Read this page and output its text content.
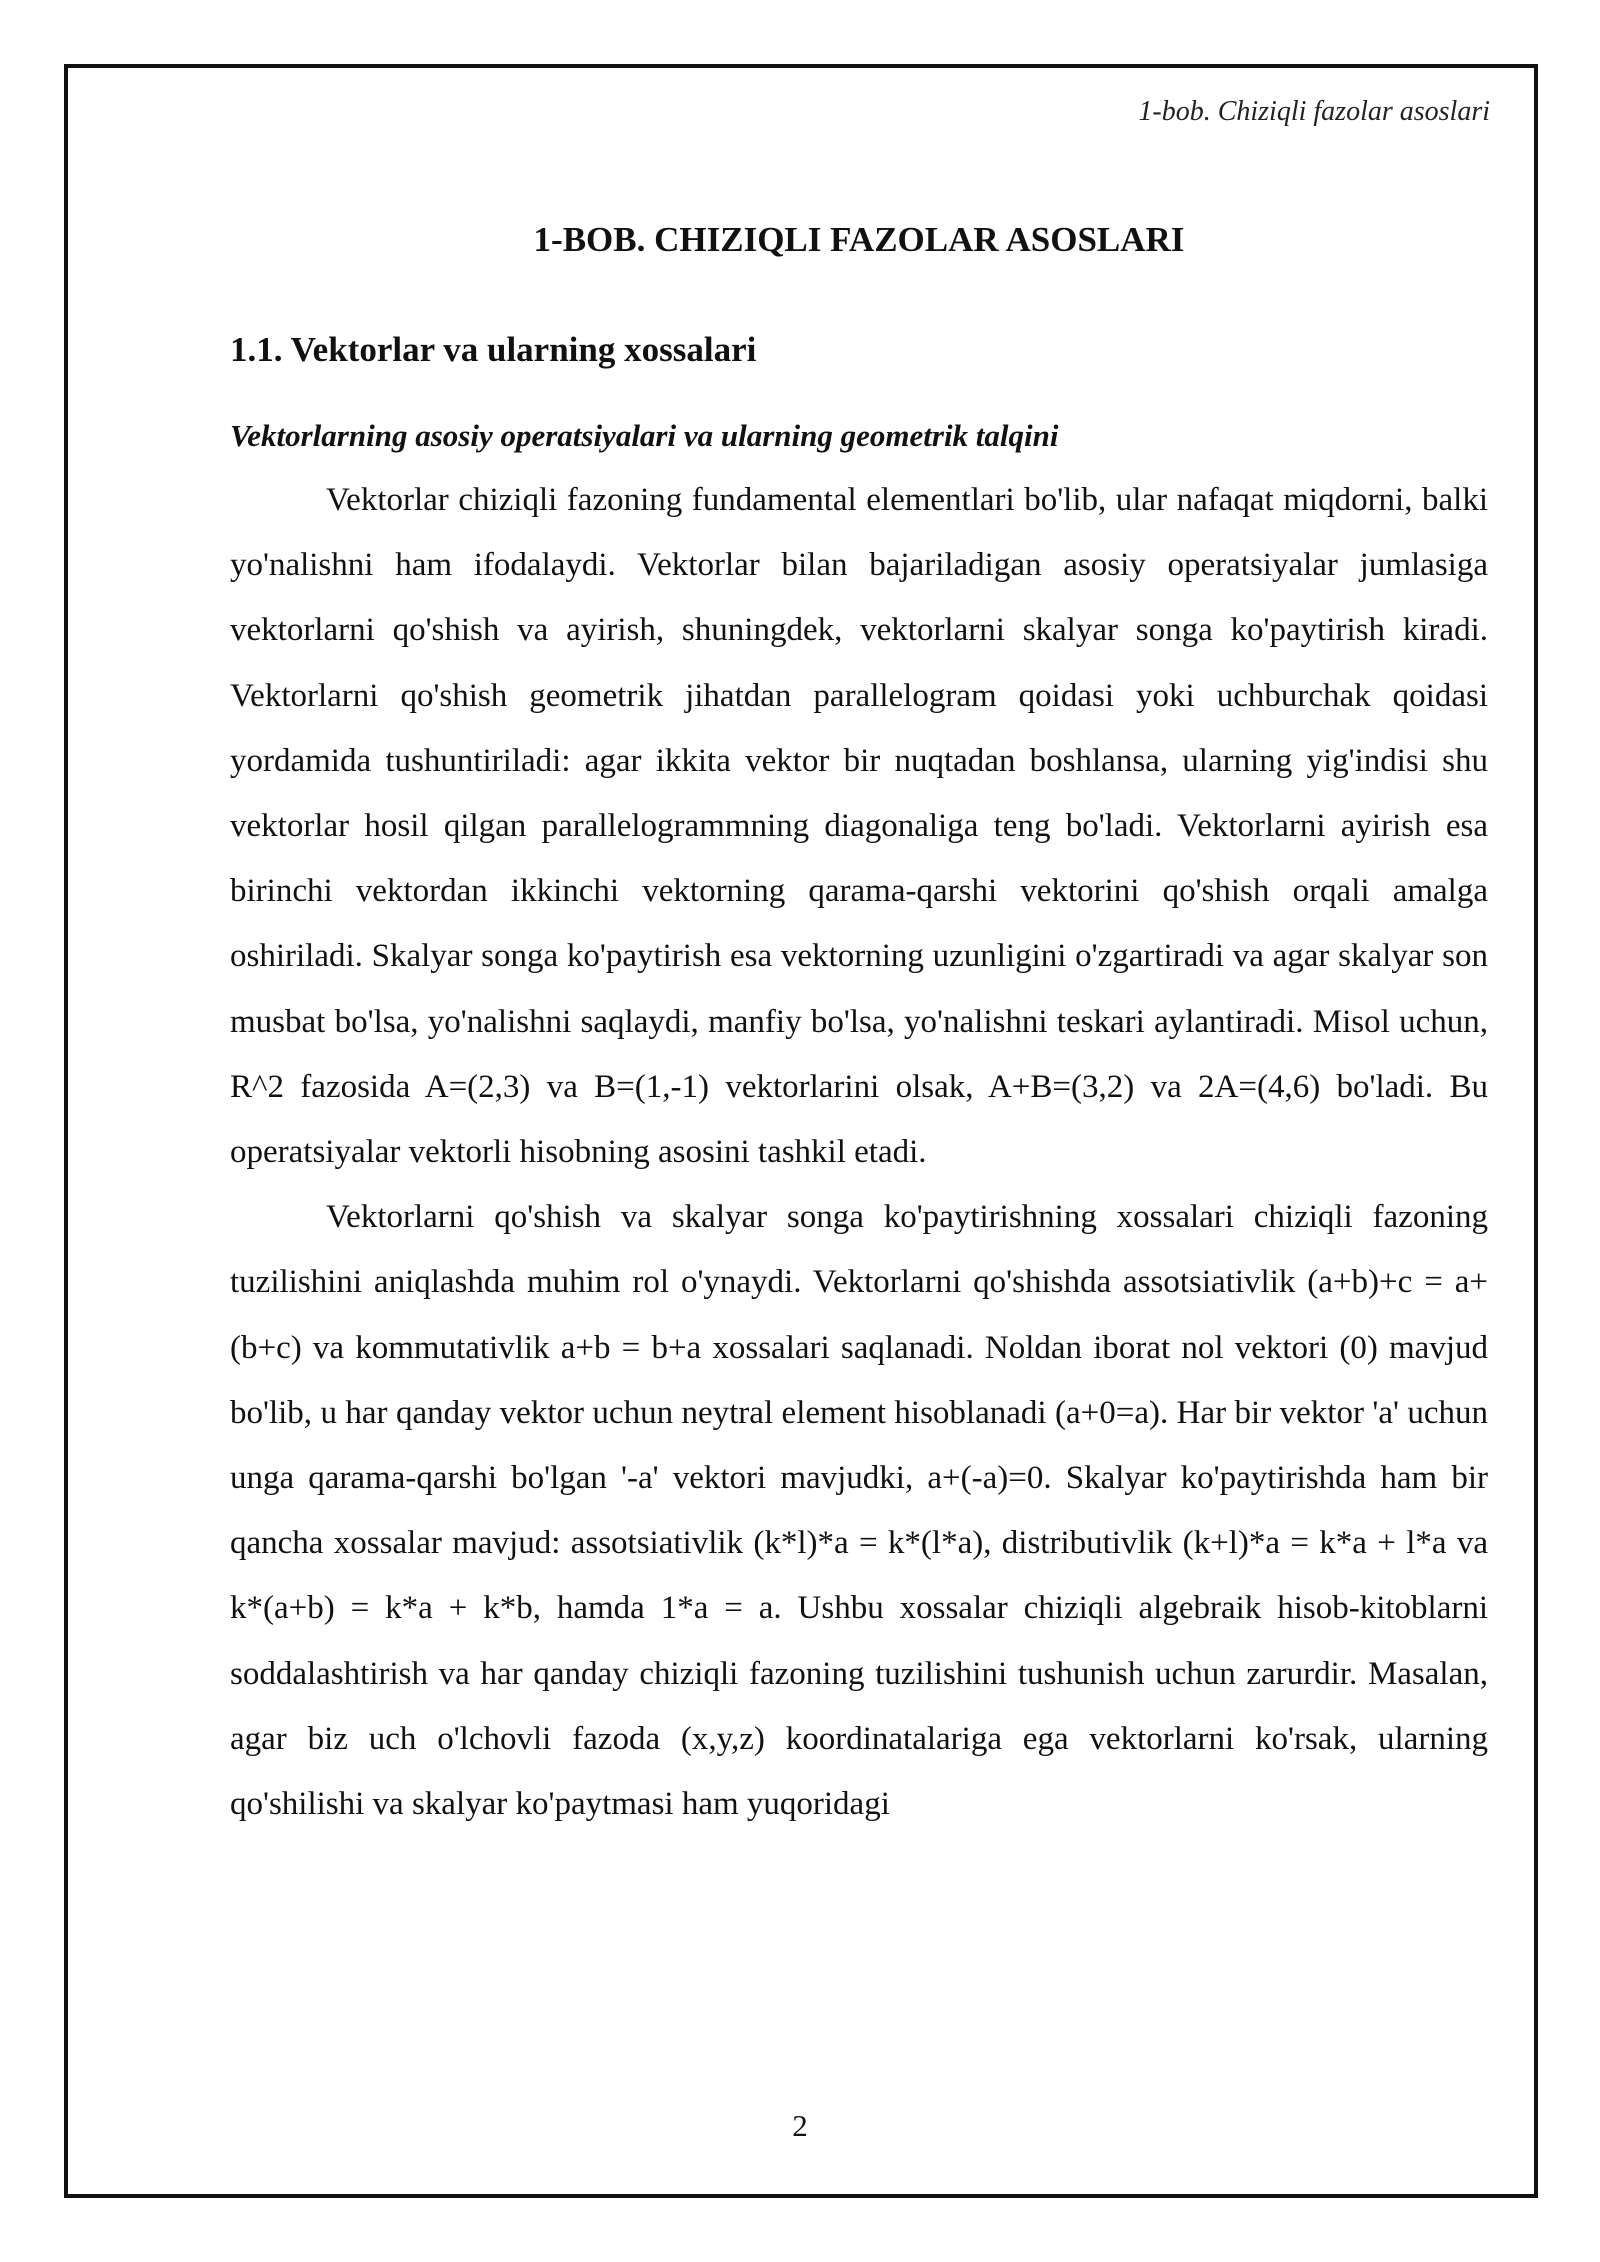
1-bob. Chiziqli fazolar asoslari
1-BOB. CHIZIQLI FAZOLAR ASOSLARI
1.1. Vektorlar va ularning xossalari
Vektorlarning asosiy operatsiyalari va ularning geometrik talqini

Vektorlar chiziqli fazoning fundamental elementlari bo'lib, ular nafaqat miqdorni, balki yo'nalishni ham ifodalaydi. Vektorlar bilan bajariladigan asosiy operatsiyalar jumlasiga vektorlarni qo'shish va ayirish, shuningdek, vektorlarni skalyar songa ko'paytirish kiradi. Vektorlarni qo'shish geometrik jihatdan parallelogram qoidasi yoki uchburchak qoidasi yordamida tushuntiriladi: agar ikkita vektor bir nuqtadan boshlansa, ularning yig'indisi shu vektorlar hosil qilgan parallelogrammning diagonaliga teng bo'ladi. Vektorlarni ayirish esa birinchi vektordan ikkinchi vektorning qarama-qarshi vektorini qo'shish orqali amalga oshiriladi. Skalyar songa ko'paytirish esa vektorning uzunligini o'zgartiradi va agar skalyar son musbat bo'lsa, yo'nalishni saqlaydi, manfiy bo'lsa, yo'nalishni teskari aylantiradi. Misol uchun, R^2 fazosida A=(2,3) va B=(1,-1) vektorlarini olsak, A+B=(3,2) va 2A=(4,6) bo'ladi. Bu operatsiyalar vektorli hisobning asosini tashkil etadi.

Vektorlarni qo'shish va skalyar songa ko'paytirishning xossalari chiziqli fazoning tuzilishini aniqlashda muhim rol o'ynaydi. Vektorlarni qo'shishda assotsiativlik (a+b)+c = a+(b+c) va kommutativlik a+b = b+a xossalari saqlanadi. Noldan iborat nol vektori (0) mavjud bo'lib, u har qanday vektor uchun neytral element hisoblanadi (a+0=a). Har bir vektor 'a' uchun unga qarama-qarshi bo'lgan '-a' vektori mavjudki, a+(-a)=0. Skalyar ko'paytirishda ham bir qancha xossalar mavjud: assotsiativlik (k*l)*a = k*(l*a), distributivlik (k+l)*a = k*a + l*a va k*(a+b) = k*a + k*b, hamda 1*a = a. Ushbu xossalar chiziqli algebraik hisob-kitoblarni soddalashtirish va har qanday chiziqli fazoning tuzilishini tushunish uchun zarurdir. Masalan, agar biz uch o'lchovli fazoda (x,y,z) koordinatalariga ega vektorlarni ko'rsak, ularning qo'shilishi va skalyar ko'paytmasi ham yuqoridagi

2
